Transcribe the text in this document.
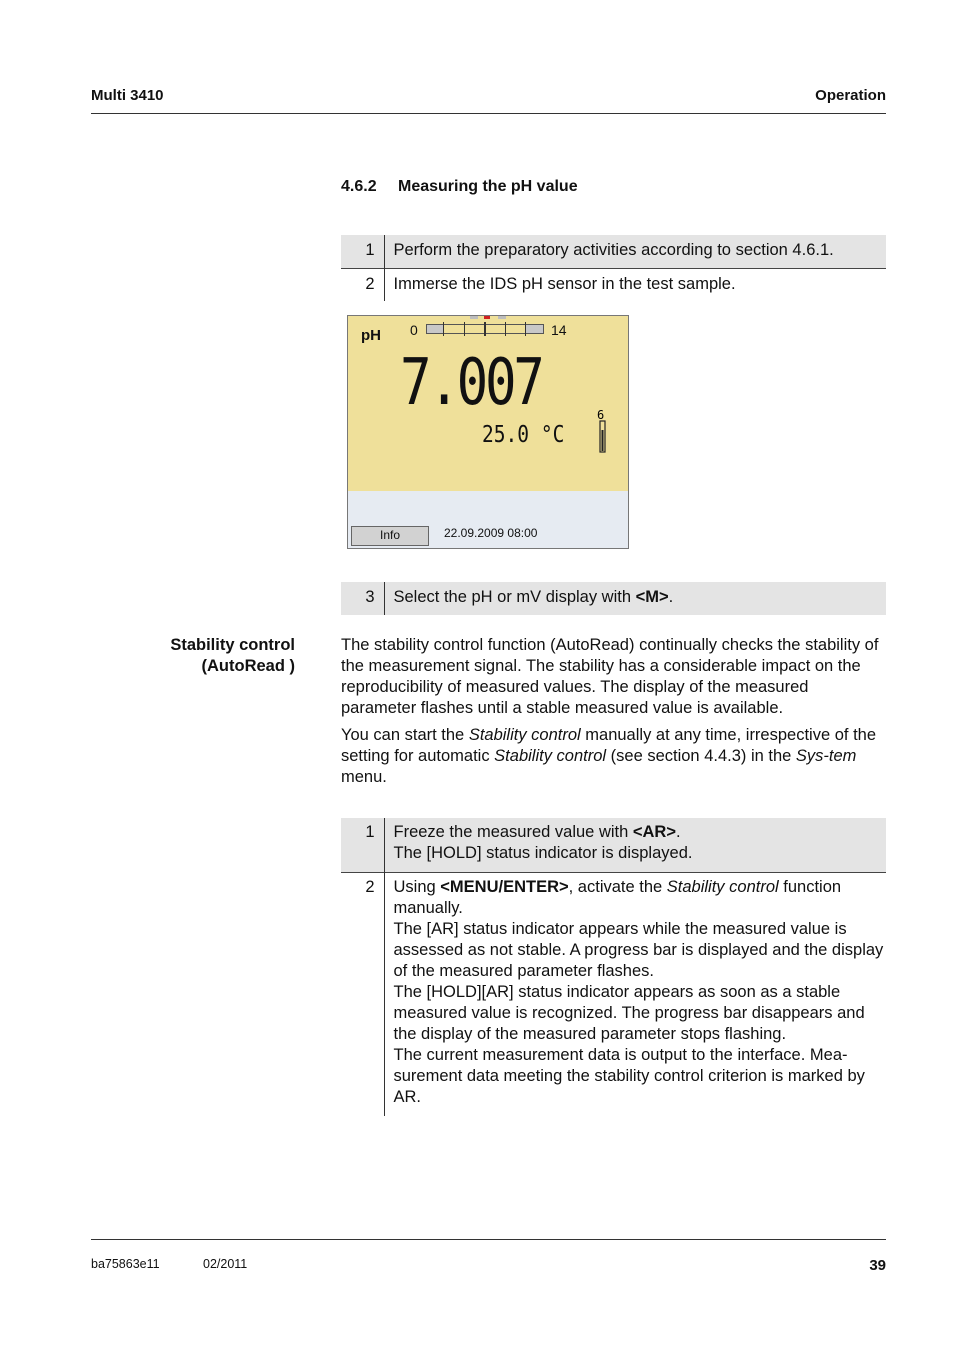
Multi 3410	Operation
4.6.2 Measuring the pH value
1	Perform the preparatory activities according to section 4.6.1.
2	Immerse the IDS pH sensor in the test sample.
pH 0	14
7.007
25.0 °C
6
Info	22.09.2009 08:00
3	Select the pH or mV display with <M>.
Stability control
(AutoRead )
The stability control function (AutoRead) continually checks the stability of the measurement signal. The stability has a considerable impact on the reproducibility of measured values. The display of the measured parameter flashes until a stable measured value is available.
You can start the Stability control manually at any time, irrespective of the setting for automatic Stability control (see section 4.4.3) in the Sys-tem menu.
1	Freeze the measured value with <AR>.
The [HOLD] status indicator is displayed.
2	Using <MENU/ENTER>, activate the Stability control function manually.
The [AR] status indicator appears while the measured value is assessed as not stable. A progress bar is displayed and the display of the measured parameter flashes.
The [HOLD][AR] status indicator appears as soon as a stable measured value is recognized. The progress bar disappears and the display of the measured parameter stops flashing.
The current measurement data is output to the interface. Mea-surement data meeting the stability control criterion is marked by AR.
ba75863e11	02/2011	39
